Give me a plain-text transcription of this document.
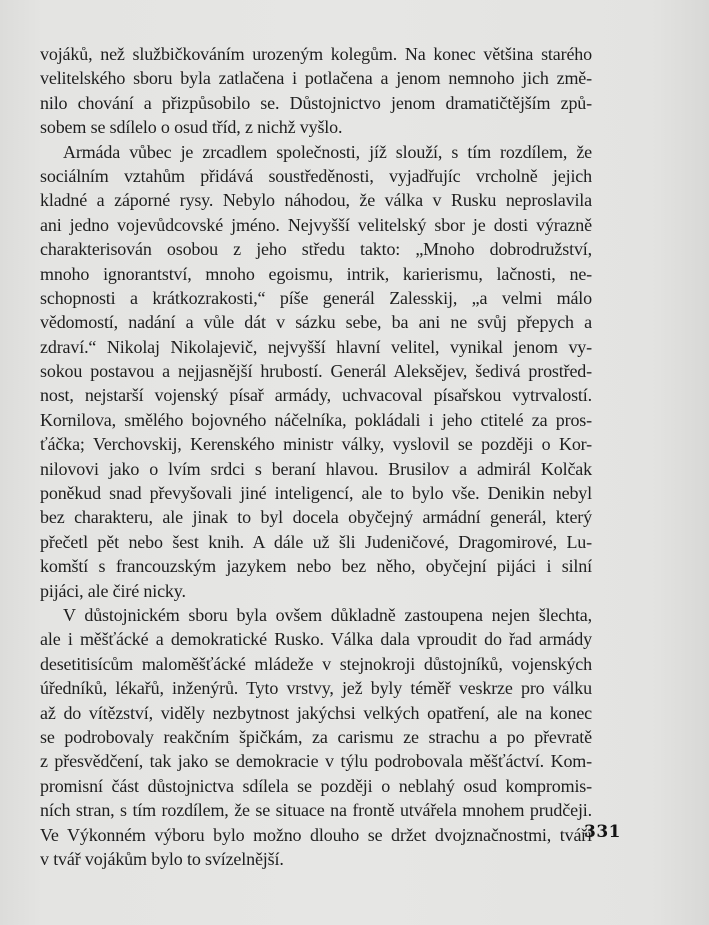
vojáků, než službičkováním urozeným kolegům. Na konec většina starého
velitelského sboru byla zatlačena i potlačena a jenom nemnoho jich změ-
nilo chování a přizpůsobilo se. Důstojnictvo jenom dramatičtějším způ-
sobem se sdílelo o osud tříd, z nichž vyšlo.
Armáda vůbec je zrcadlem společnosti, jíž slouží, s tím rozdílem, že
sociálním vztahům přidává soustředěnosti, vyjadřujíc vrcholně jejich
kladné a záporné rysy. Nebylo náhodou, že válka v Rusku neproslavila
ani jedno vojevůdcovské jméno. Nejvyšší velitelský sbor je dosti výrazně
charakterisován osobou z jeho středu takto: „Mnoho dobrodružství,
mnoho ignorantství, mnoho egoismu, intrik, karierismu, lačnosti, ne-
schopnosti a krátkozrakosti,“ píše generál Zalesskij, „a velmi málo
vědomostí, nadání a vůle dát v sázku sebe, ba ani ne svůj přepych a
zdraví.“ Nikolaj Nikolajevič, nejvyšší hlavní velitel, vynikal jenom vy-
sokou postavou a nejjasnější hrubostí. Generál Aleksějev, šedivá prostřed-
nost, nejstarší vojenský písař armády, uchvacoval písařskou vytrvalostí.
Kornilova, smělého bojovného náčelníka, pokládali i jeho ctitelé za pros-
ťáčka; Verchovskij, Kerenského ministr války, vyslovil se později o Kor-
nilovovi jako o lvím srdci s beraní hlavou. Brusilov a admirál Kolčak
poněkud snad převyšovali jiné inteligencí, ale to bylo vše. Denikin nebyl
bez charakteru, ale jinak to byl docela obyčejný armádní generál, který
přečetl pět nebo šest knih. A dále už šli Judeničové, Dragomirové, Lu-
komští s francouzským jazykem nebo bez něho, obyčejní pijáci i silní
pijáci, ale čiré nicky.
V důstojnickém sboru byla ovšem důkladně zastoupena nejen šlechta,
ale i měšťácké a demokratické Rusko. Válka dala vproudit do řad armády
desetitisícům maloměšťácké mládeže v stejnokroji důstojníků, vojenských
úředníků, lékařů, inženýrů. Tyto vrstvy, jež byly téměř veskrze pro válku
až do vítězství, viděly nezbytnost jakýchsi velkých opatření, ale na konec
se podrobovaly reakčním špičkám, za carismu ze strachu a po převratě
z přesvědčení, tak jako se demokracie v týlu podrobovala měšťáctví. Kom-
promisní část důstojnictva sdílela se později o neblahý osud kompromis-
ních stran, s tím rozdílem, že se situace na frontě utvářela mnohem prudčeji.
Ve Výkonném výboru bylo možno dlouho se držet dvojznačnostmi, tváří
v tvář vojákům bylo to svízelnější.
331
